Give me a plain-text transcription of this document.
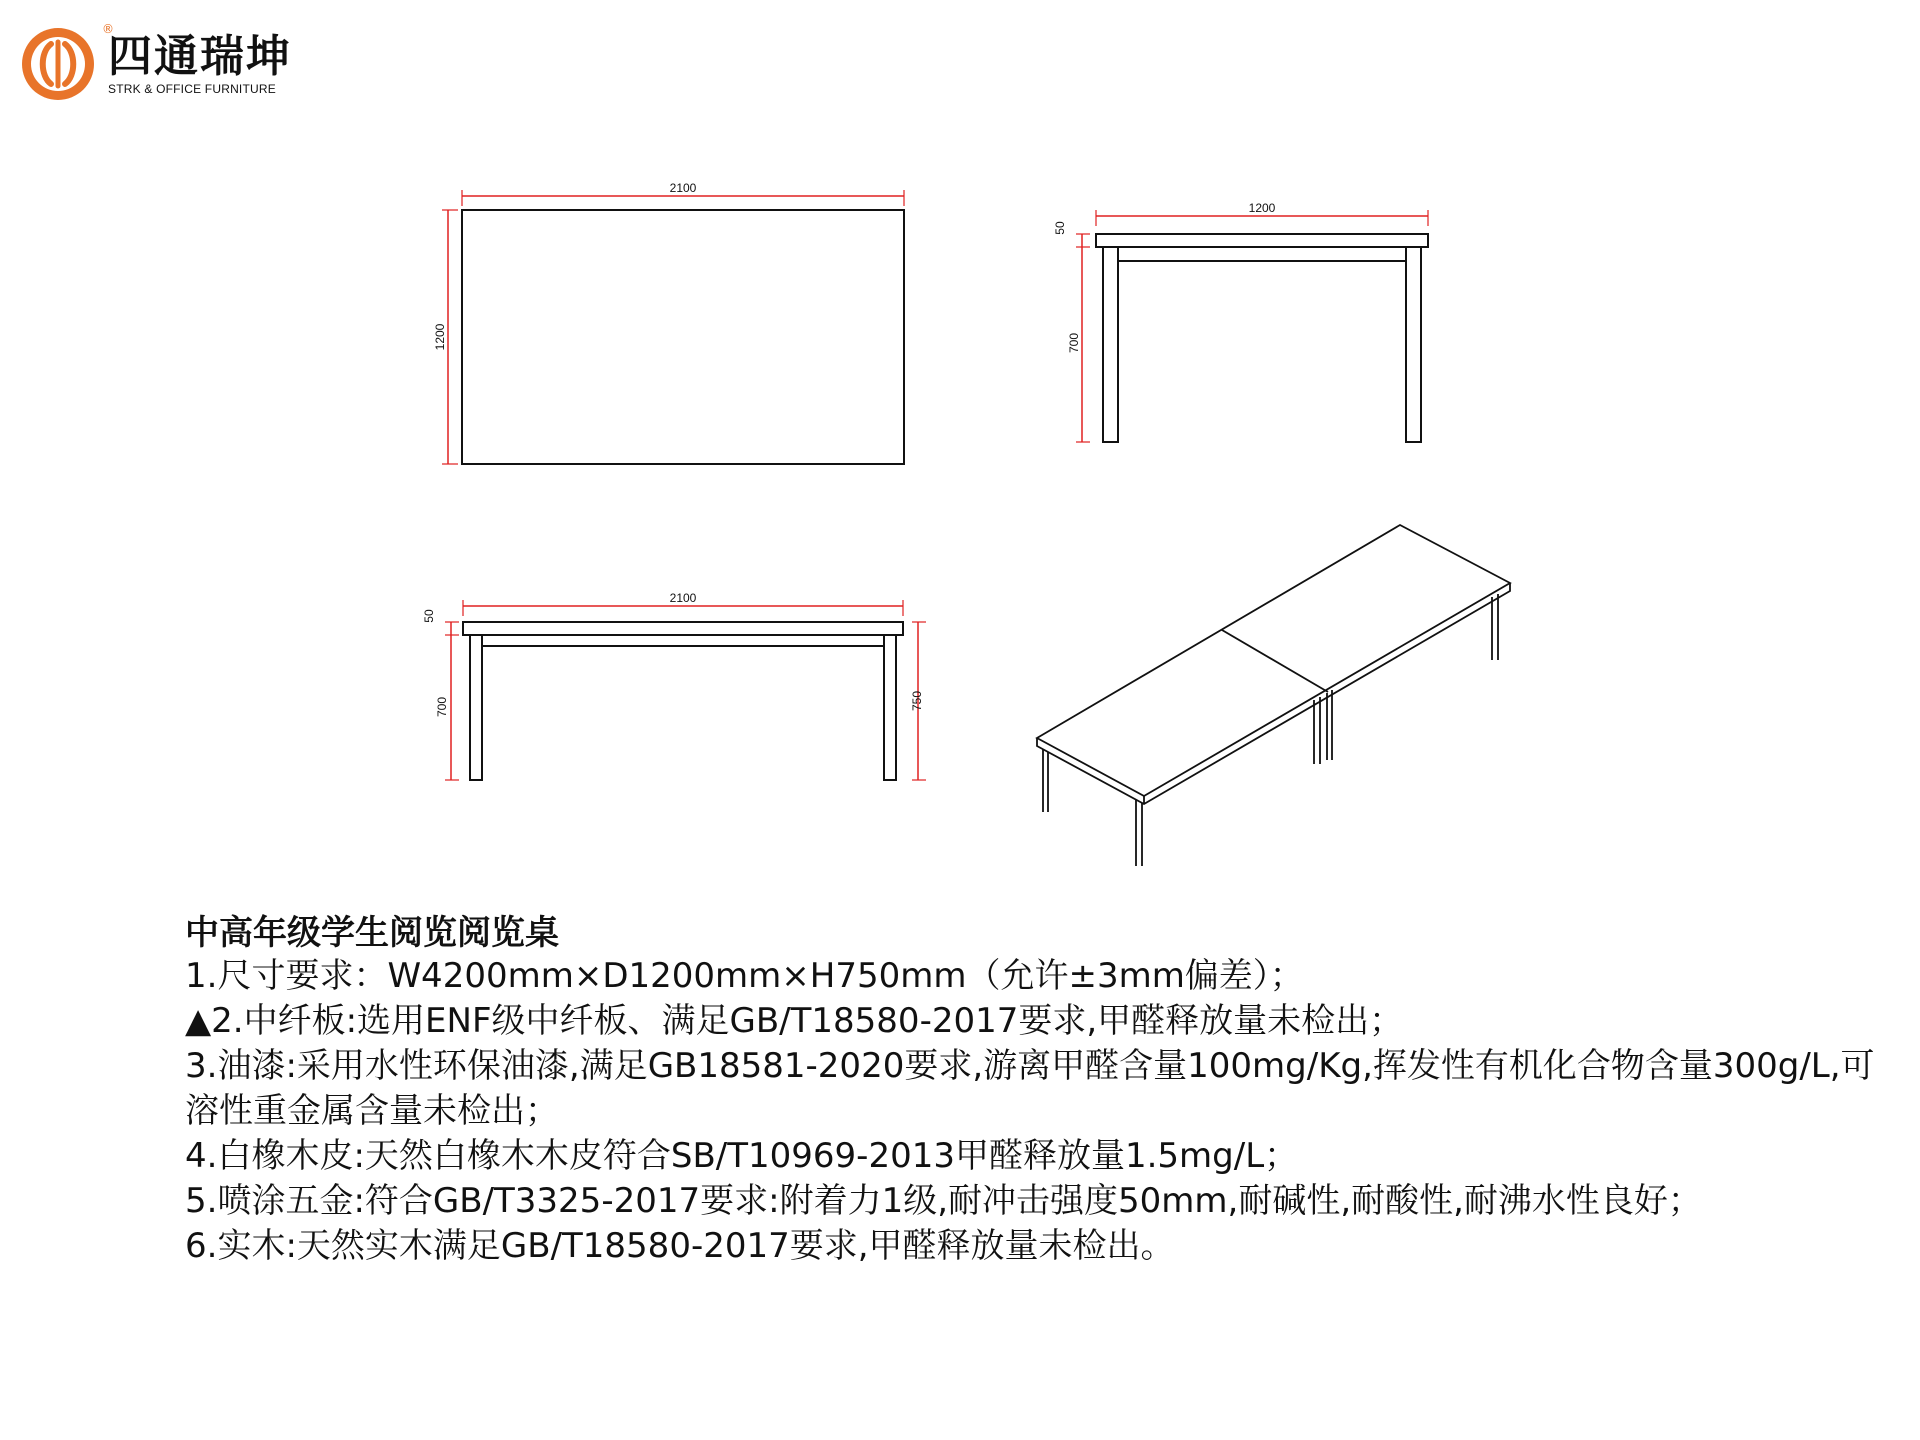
®
四通瑞坤
STRK & OFFICE FURNITURE
2100
1200
1200
50
700
2100
50
700	750
中高年级学生阅览阅览桌

1.尺寸要求：W4200mm×D1200mm×H750mm（允许±3mm偏差）；

▲2.中纤板:选用ENF级中纤板、满足GB/T18580-2017要求,甲醛释放量未检出；

3.油漆:采用水性环保油漆,满足GB18581-2020要求,游离甲醛含量100mg/Kg,挥发性有机化合物含量300g/L,可溶性重金属含量未检出；

4.白橡木皮:天然白橡木木皮符合SB/T10969-2013甲醛释放量1.5mg/L；

5.喷涂五金:符合GB/T3325-2017要求:附着力1级,耐冲击强度50mm,耐碱性,耐酸性,耐沸水性良好；

6.实木:天然实木满足GB/T18580-2017要求,甲醛释放量未检出。
